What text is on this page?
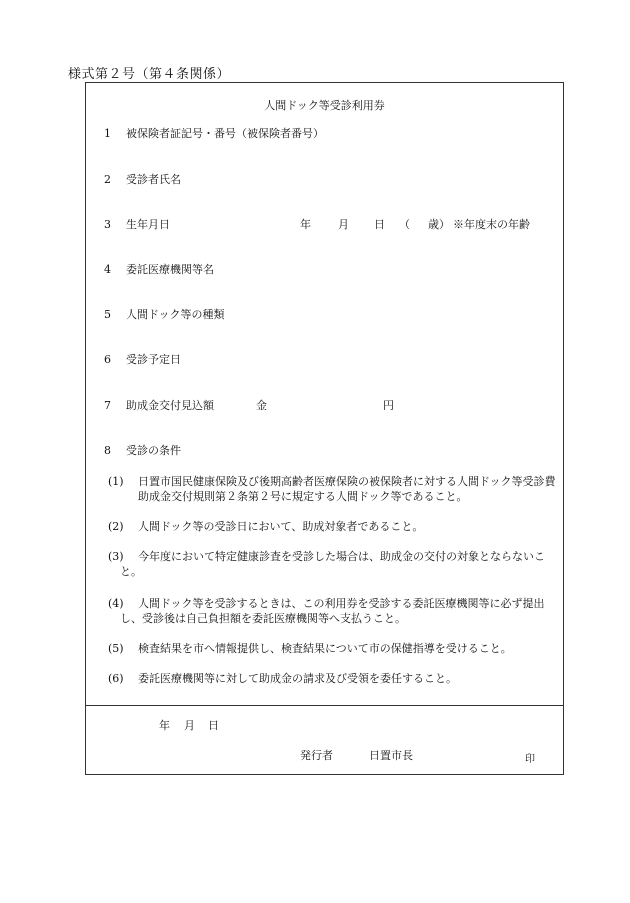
様式第２号（第４条関係）
人間ドック等受診利用券
1 被保険者証記号・番号（被保険者番号）
2 受診者氏名
3 生年月日	年 月 日 （ 歳） ※年度末の年齢
4 委託医療機関等名
5 人間ドック等の種類
6 受診予定日
7 助成金交付見込額	金	円
8 受診の条件
(1)	日置市国民健康保険及び後期高齢者医療保険の被保険者に対する人間ドック等受診費助成金交付規則第２条第２号に規定する人間ドック等であること。
(2)	人間ドック等の受診日において、助成対象者であること。
(3)	今年度において特定健康診査を受診した場合は、助成金の交付の対象とならないこと。
(4)	人間ドック等を受診するときは、この利用券を受診する委託医療機関等に必ず提出し、受診後は自己負担額を委託医療機関等へ支払うこと。
(5)	検査結果を市へ情報提供し、検査結果について市の保健指導を受けること。
(6)	委託医療機関等に対して助成金の請求及び受領を委任すること。
年 月 日
発行者	日置市長	印
